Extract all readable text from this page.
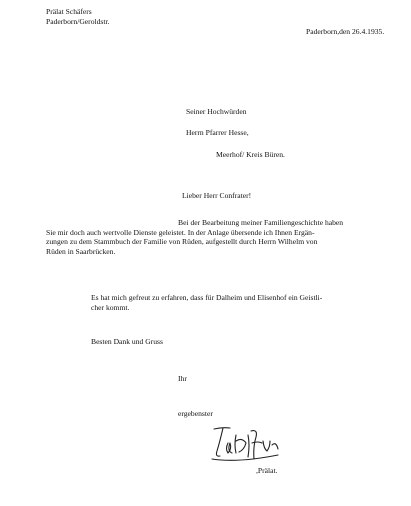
Prälat Schäfers
Paderborn/Geroldstr.
Paderborn,den 26.4.1935.
Seiner Hochwürden
Herrn Pfarrer Hesse,
Meerhof/ Kreis Büren.
Lieber Herr Confrater!
Bei der Bearbeitung meiner Familiengeschichte haben
Sie mir doch auch wertvolle Dienste geleistet. In der Anlage übersende ich Ihnen Ergän-
zungen zu dem Stammbuch der Familie von Rüden, aufgestellt durch Herrn Wilhelm von
Rüden in Saarbrücken.
Es hat mich gefreut zu erfahren, dass für Dalheim und Elisenhof ein Geistli-
cher kommt.
Besten Dank und Gruss
Ihr
ergebenster
,Prälat.
